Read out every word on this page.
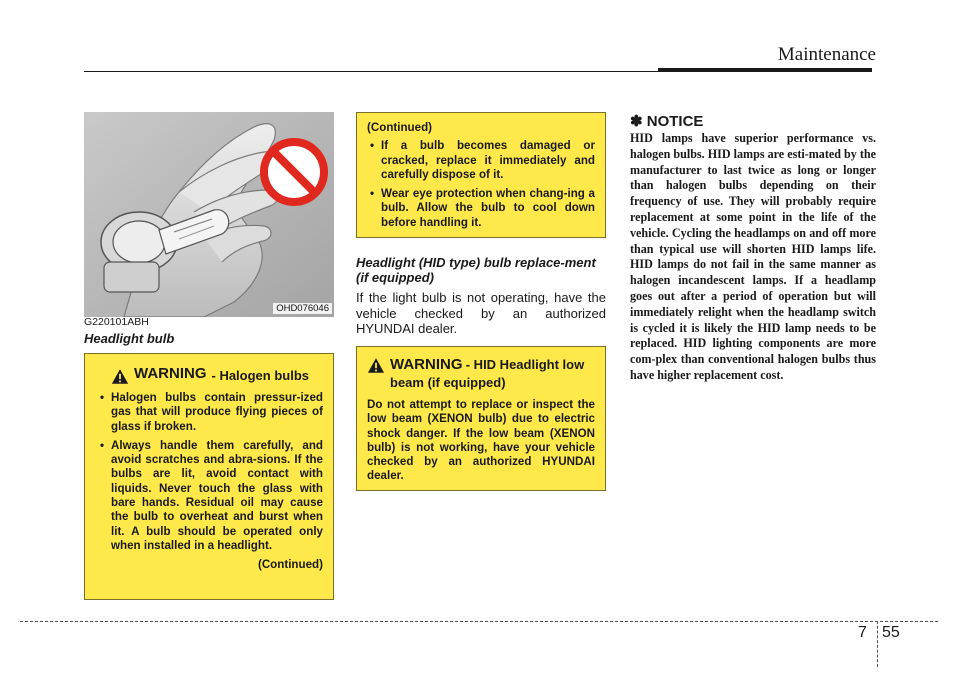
Maintenance
OHD076046
G220101ABH
Headlight bulb
WARNING - Halogen bulbs
• Halogen bulbs contain pressur-ized gas that will produce flying pieces of glass if broken.
• Always handle them carefully, and avoid scratches and abra-sions. If the bulbs are lit, avoid contact with liquids. Never touch the glass with bare hands. Residual oil may cause the bulb to overheat and burst when lit. A bulb should be operated only when installed in a headlight.
(Continued)
(Continued)
• If a bulb becomes damaged or cracked, replace it immediately and carefully dispose of it.
• Wear eye protection when chang-ing a bulb. Allow the bulb to cool down before handling it.
Headlight (HID type) bulb replace-ment (if equipped)
If the light bulb is not operating, have the vehicle checked by an authorized HYUNDAI dealer.
WARNING - HID Headlight low beam (if equipped)
Do not attempt to replace or inspect the low beam (XENON bulb) due to electric shock danger. If the low beam (XENON bulb) is not working, have your vehicle checked by an authorized HYUNDAI dealer.
✽ NOTICE
HID lamps have superior performance vs. halogen bulbs. HID lamps are esti-mated by the manufacturer to last twice as long or longer than halogen bulbs depending on their frequency of use. They will probably require replacement at some point in the life of the vehicle. Cycling the headlamps on and off more than typical use will shorten HID lamps life. HID lamps do not fail in the same manner as halogen incandescent lamps. If a headlamp goes out after a period of operation but will immediately relight when the headlamp switch is cycled it is likely the HID lamp needs to be replaced. HID lighting components are more com-plex than conventional halogen bulbs thus have higher replacement cost.
7 55
